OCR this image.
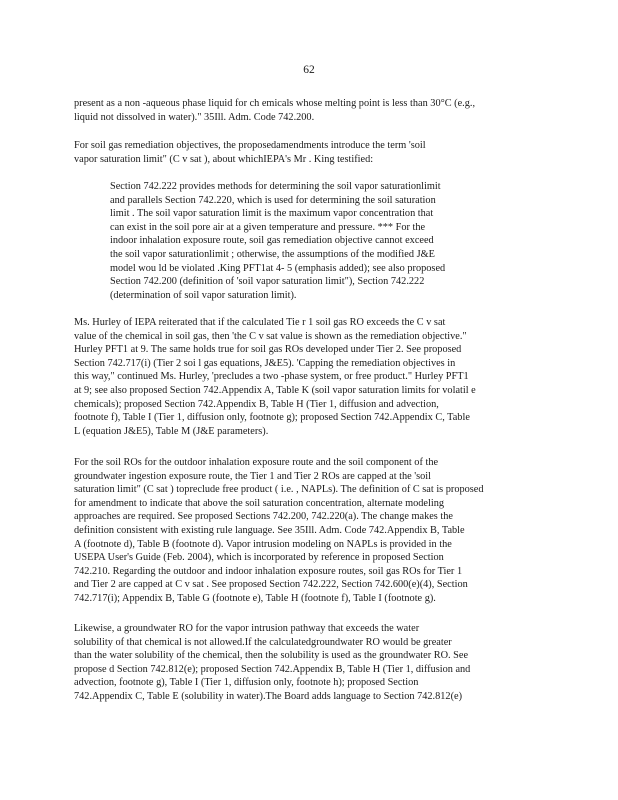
62
present as a non -aqueous phase liquid for ch emicals whose melting point is less than 30°C (e.g.,
liquid not dissolved in water)." 35Ill. Adm. Code 742.200.
For soil gas remediation objectives, the proposedamendments introduce the term 'soil
vapor saturation limit" (C v sat ), about whichIEPA's Mr . King testified:
Section 742.222 provides methods for determining the soil vapor saturationlimit
and parallels Section 742.220, which is used for determining the soil saturation
limit . The soil vapor saturation limit is the maximum vapor concentration that
can exist in the soil pore air at a given temperature and pressure. *** For the
indoor inhalation exposure route, soil gas remediation objective cannot exceed
the soil vapor saturationlimit ; otherwise, the assumptions of the modified J&E
model wou ld be violated .King PFT1at 4- 5 (emphasis added); see also proposed
Section 742.200 (definition of 'soil vapor saturation limit"), Section 742.222
(determination of soil vapor saturation limit).
Ms. Hurley of IEPA reiterated that if the calculated Tie r 1 soil gas RO exceeds the C v sat
value of the chemical in soil gas, then 'the C v sat value is shown as the remediation objective."
Hurley PFT1 at 9. The same holds true for soil gas ROs developed under Tier 2. See proposed
Section 742.717(i) (Tier 2 soi l gas equations, J&E5). 'Capping the remediation objectives in
this way," continued Ms. Hurley, 'precludes a two -phase system, or free product." Hurley PFT1
at 9; see also proposed Section 742.Appendix A, Table K (soil vapor saturation limits for volatil e
chemicals); proposed Section 742.Appendix B, Table H (Tier 1, diffusion and advection,
footnote f), Table I (Tier 1, diffusion only, footnote g); proposed Section 742.Appendix C, Table
L (equation J&E5), Table M (J&E parameters).
For the soil ROs for the outdoor inhalation exposure route and the soil component of the
groundwater ingestion exposure route, the Tier 1 and Tier 2 ROs are capped at the 'soil
saturation limit" (C sat ) topreclude free product ( i.e. , NAPLs). The definition of C sat is proposed
for amendment to indicate that above the soil saturation concentration, alternate modeling
approaches are required. See proposed Sections 742.200, 742.220(a). The change makes the
definition consistent with existing rule language. See 35Ill. Adm. Code 742.Appendix B, Table
A (footnote d), Table B (footnote d). Vapor intrusion modeling on NAPLs is provided in the
USEPA User's Guide (Feb. 2004), which is incorporated by reference in proposed Section
742.210. Regarding the outdoor and indoor inhalation exposure routes, soil gas ROs for Tier 1
and Tier 2 are capped at C v sat . See proposed Section 742.222, Section 742.600(e)(4), Section
742.717(i); Appendix B, Table G (footnote e), Table H (footnote f), Table I (footnote g).
Likewise, a groundwater RO for the vapor intrusion pathway that exceeds the water
solubility of that chemical is not allowed.If the calculatedgroundwater RO would be greater
than the water solubility of the chemical, then the solubility is used as the groundwater RO. See
propose d Section 742.812(e); proposed Section 742.Appendix B, Table H (Tier 1, diffusion and
advection, footnote g), Table I (Tier 1, diffusion only, footnote h); proposed Section
742.Appendix C, Table E (solubility in water).The Board adds language to Section 742.812(e)
